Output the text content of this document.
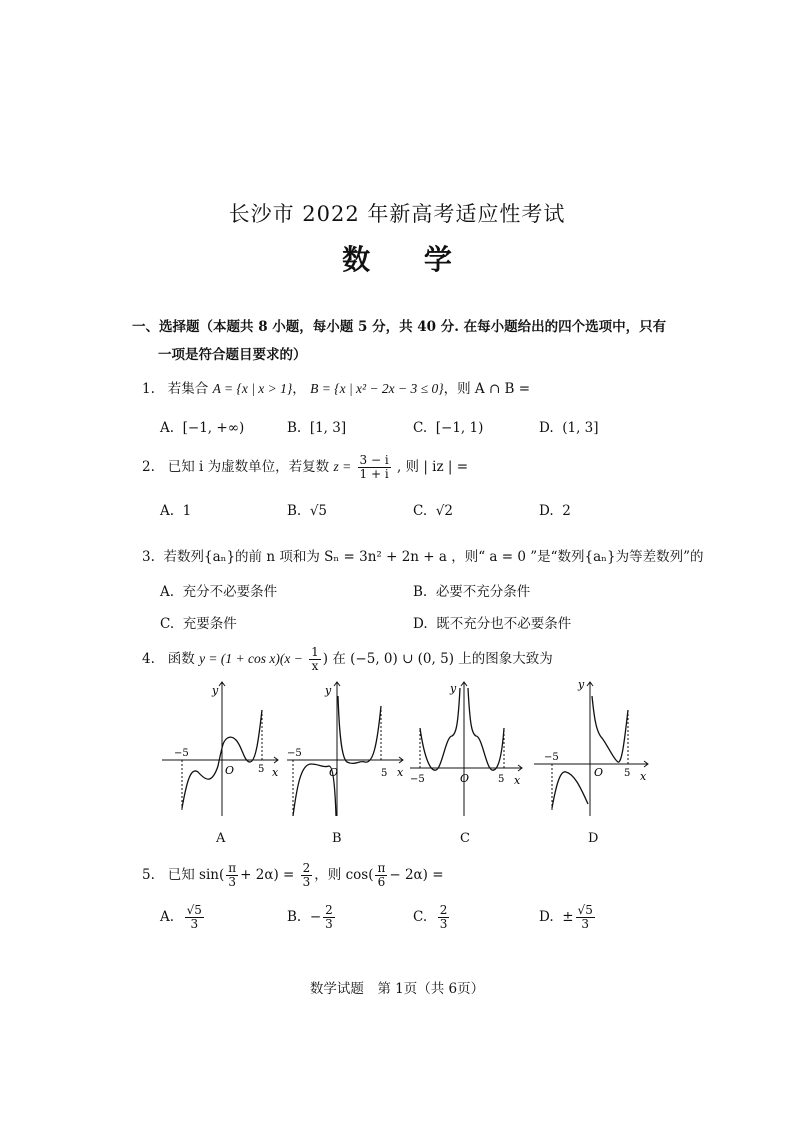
长沙市 2022 年新高考适应性考试
数 学
一、选择题（本题共 8 小题，每小题 5 分，共 40 分. 在每小题给出的四个选项中，只有
一项是符合题目要求的）
1. 若集合 A = {x | x > 1}， B = {x | x² − 2x − 3 ≤ 0}，则 A ∩ B =
A. [−1, +∞)	B. [1, 3]	C. [−1, 1)	D. (1, 3]
2. 已知 i 为虚数单位，若复数 $z = \frac{3 - i}{1 + i}$ , 则 | iz | =
A. 1	B. √5	C. √2	D. 2
3. 若数列{aₙ}的前 n 项和为 Sₙ = 3n² + 2n + a ，则“ a = 0 ”是“数列{aₙ}为等差数列”的
A. 充分不必要条件	B. 必要不充分条件
C. 充要条件	D. 既不充分也不必要条件
4. 函数 $y = (1 + \cos x)(x - \frac{1}{x}$ ) 在 (−5, 0) ∪ (0, 5) 上的图象大致为
y
x
O
−5
5
y
x
O
−5
5
y
x
O
−5	5
y
x
O
−5
5
A	B	C	D
5. 已知 $\sin( \frac{\pi}{3} + 2\alpha) = \frac{2}{3}$ ，则 $\cos( \frac{\pi}{6} - 2\alpha)$ =
A. $\frac{√5}{3}$	B. − $\frac{2}{3}$	C. $\frac{2}{3}$	D. ± $\frac{√5}{3}$
数学试题　第 1页（共 6页）
